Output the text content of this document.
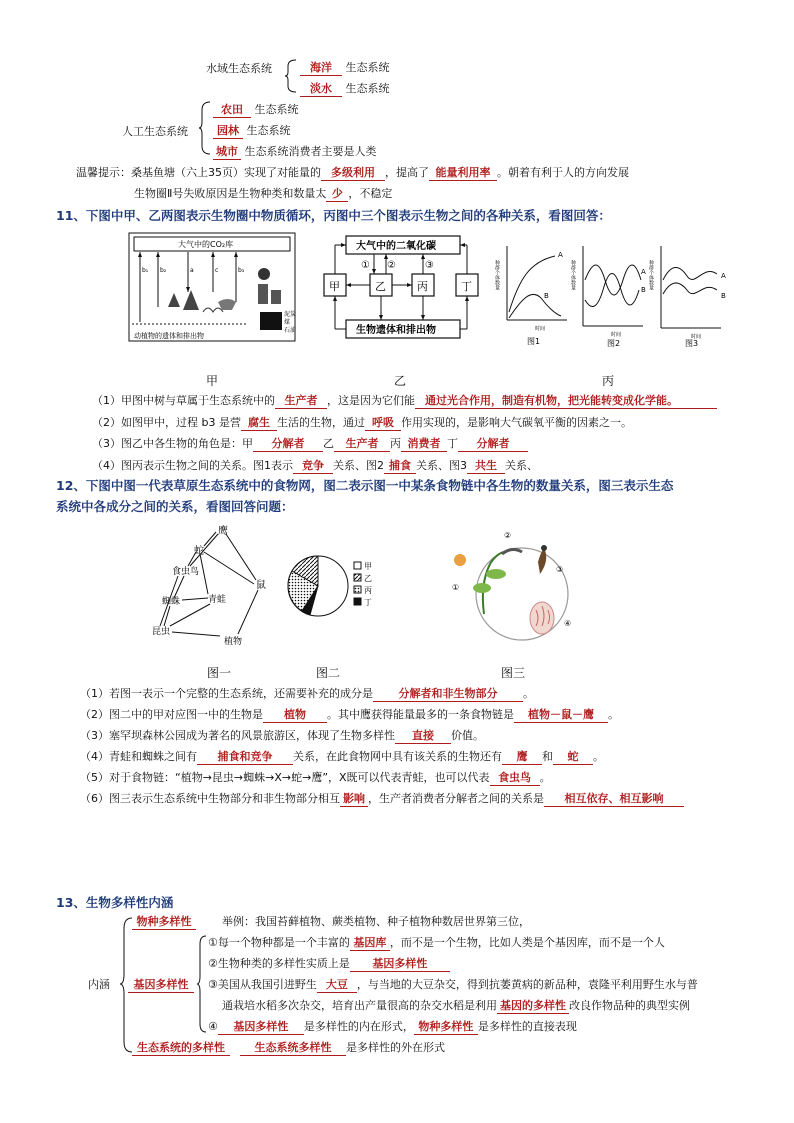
水域生态系统	海洋 生态系统
淡水 生态系统
人工生态系统
农田 生态系统
园林 生态系统
城市 生态系统消费者主要是人类
温馨提示：桑基鱼塘（六上35页）实现了对能量的 多级利用 ，提高了 能量利用率 。朝着有利于人的方向发展
生物圈Ⅱ号失败原因是生物种类和数量太 少 ，不稳定
11、下图中甲、乙两图表示生物圈中物质循环，丙图中三个图表示生物之间的各种关系，看图回答：
大气中的CO₂库
b₁ b₂	a	c	b₃
泥炭
煤
石油
动植物的遗体和排出物
大气中的二氧化碳
生物遗体和排出物
甲	乙	丙	丁
① ②	③	种群个体数量
A
B
时间
图1
种群个体数量	A
B
时间
图2
种群个体数量	A
B
时间
图3
甲	乙	丙
（1）甲图中树与草属于生态系统中的 生产者 ，这是因为它们能 通过光合作用，制造有机物，把光能转变成化学能。
（2）如图甲中，过程 b3 是营 腐生 生活的生物，通过 呼吸 作用实现的，是影响大气碳氧平衡的因素之一。
（3）图乙中各生物的角色是：甲 分解者 乙 生产者 丙 消费者 丁 分解者
（4）图丙表示生物之间的关系。图1表示 竞争 关系、图2 捕食 关系、图3 共生 关系、
12、下图中图一代表草原生态系统中的食物网，图二表示图一中某条食物链中各生物的数量关系，图三表示生态
系统中各成分之间的关系，看图回答问题：
鹰
蛇
鼠
食虫鸟
蜘蛛	青蛙
昆虫
植物
甲
乙
丙
丁
①
②
③
④
图一	图二	图三
（1）若图一表示一个完整的生态系统，还需要补充的成分是 分解者和非生物部分 。
（2）图二中的甲对应图一中的生物是 植物 。其中鹰获得能量最多的一条食物链是 植物－鼠－鹰 。
（3）塞罕坝森林公园成为著名的风景旅游区，体现了生物多样性 直接 价值。
（4）青蛙和蜘蛛之间有 捕食和竞争 关系，在此食物网中具有该关系的生物还有 鹰 和 蛇 。
（5）对于食物链：“植物→昆虫→蜘蛛→X→蛇→鹰”，X既可以代表青蛙，也可以代表 食虫鸟 。
（6）图三表示生态系统中生物部分和非生物部分相互 影响 ，生产者消费者分解者之间的关系是 相互依存、相互影响
13、生物多样性内涵
内涵
物种多样性	举例：我国苔藓植物、蕨类植物、种子植物种数居世界第三位，
基因多样性
①每一个物种都是一个丰富的 基因库 ，而不是一个生物，比如人类是个基因库，而不是一个人
②生物种类的多样性实质上是 基因多样性
③美国从我国引进野生 大豆 ，与当地的大豆杂交，得到抗萎黄病的新品种，袁隆平利用野生水与普
通栽培水稻多次杂交，培育出产量很高的杂交水稻是利用 基因的多样性 改良作物品种的典型实例
④ 基因多样性 是多样性的内在形式， 物种多样性 是多样性的直接表现
生态系统的多样性	生态系统多样性 是多样性的外在形式
